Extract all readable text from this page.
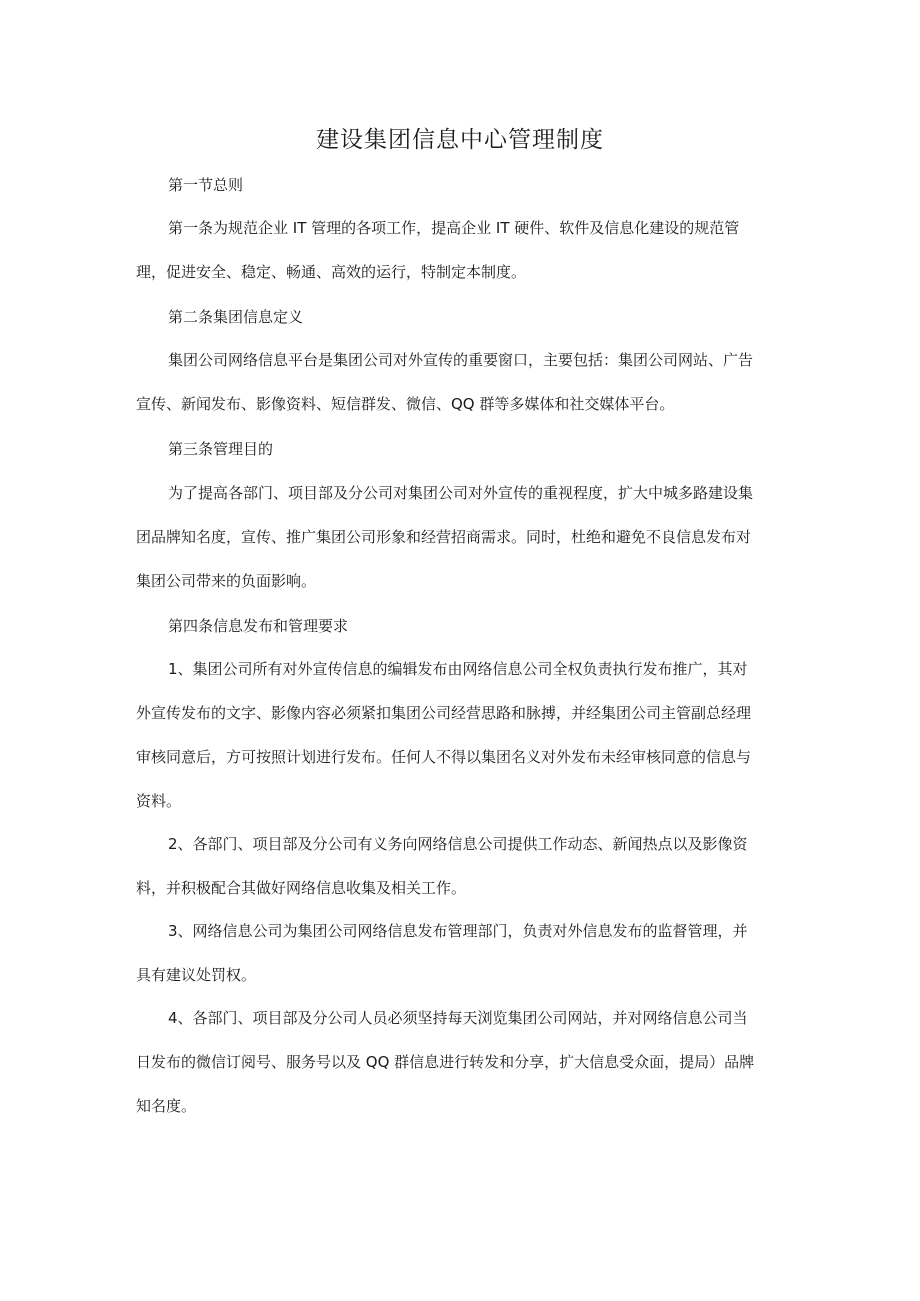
建设集团信息中心管理制度

第一节总则

第一条为规范企业 IT 管理的各项工作，提高企业 IT 硬件、软件及信息化建设的规范管
理，促进安全、稳定、畅通、高效的运行，特制定本制度。

第二条集团信息定义

集团公司网络信息平台是集团公司对外宣传的重要窗口，主要包括：集团公司网站、广告
宣传、新闻发布、影像资料、短信群发、微信、QQ 群等多媒体和社交媒体平台。

第三条管理目的

为了提高各部门、项目部及分公司对集团公司对外宣传的重视程度，扩大中城多路建设集
团品牌知名度，宣传、推广集团公司形象和经营招商需求。同时，杜绝和避免不良信息发布对
集团公司带来的负面影响。

第四条信息发布和管理要求

1、集团公司所有对外宣传信息的编辑发布由网络信息公司全权负责执行发布推广，其对
外宣传发布的文字、影像内容必须紧扣集团公司经营思路和脉搏，并经集团公司主管副总经理
审核同意后，方可按照计划进行发布。任何人不得以集团名义对外发布未经审核同意的信息与
资料。
2、各部门、项目部及分公司有义务向网络信息公司提供工作动态、新闻热点以及影像资
料，并积极配合其做好网络信息收集及相关工作。
3、网络信息公司为集团公司网络信息发布管理部门，负责对外信息发布的监督管理，并
具有建议处罚权。
4、各部门、项目部及分公司人员必须坚持每天浏览集团公司网站，并对网络信息公司当
日发布的微信订阅号、服务号以及 QQ 群信息进行转发和分享，扩大信息受众面，提局）品牌
知名度。
